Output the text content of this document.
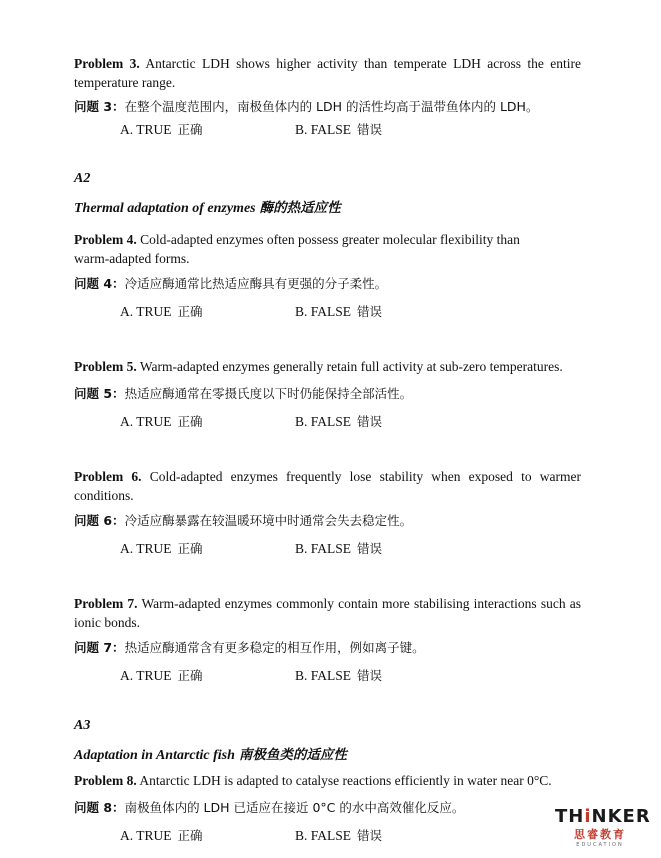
Problem 3. Antarctic LDH shows higher activity than temperate LDH across the entire temperature range.
问题 3：在整个温度范围内，南极鱼体内的 LDH 的活性均高于温带鱼体内的 LDH。
A. TRUE 正确	B. FALSE 错误
A2
Thermal adaptation of enzymes 酶的热适应性
Problem 4. Cold-adapted enzymes often possess greater molecular flexibility than warm-adapted forms.
问题 4：冷适应酶通常比热适应酶具有更强的分子柔性。
A. TRUE 正确	B. FALSE 错误
Problem 5. Warm-adapted enzymes generally retain full activity at sub-zero temperatures.
问题 5：热适应酶通常在零摄氏度以下时仍能保持全部活性。
A. TRUE 正确	B. FALSE 错误
Problem 6. Cold-adapted enzymes frequently lose stability when exposed to warmer conditions.
问题 6：冷适应酶暴露在较温暖环境中时通常会失去稳定性。
A. TRUE 正确	B. FALSE 错误
Problem 7. Warm-adapted enzymes commonly contain more stabilising interactions such as ionic bonds.
问题 7：热适应酶通常含有更多稳定的相互作用，例如离子键。
A. TRUE 正确	B. FALSE 错误
A3
Adaptation in Antarctic fish 南极鱼类的适应性
Problem 8. Antarctic LDH is adapted to catalyse reactions efficiently in water near 0°C.
问题 8：南极鱼体内的 LDH 已适应在接近 0°C 的水中高效催化反应。
A. TRUE 正确	B. FALSE 错误
THiNKER
思睿教育
EDUCATION
